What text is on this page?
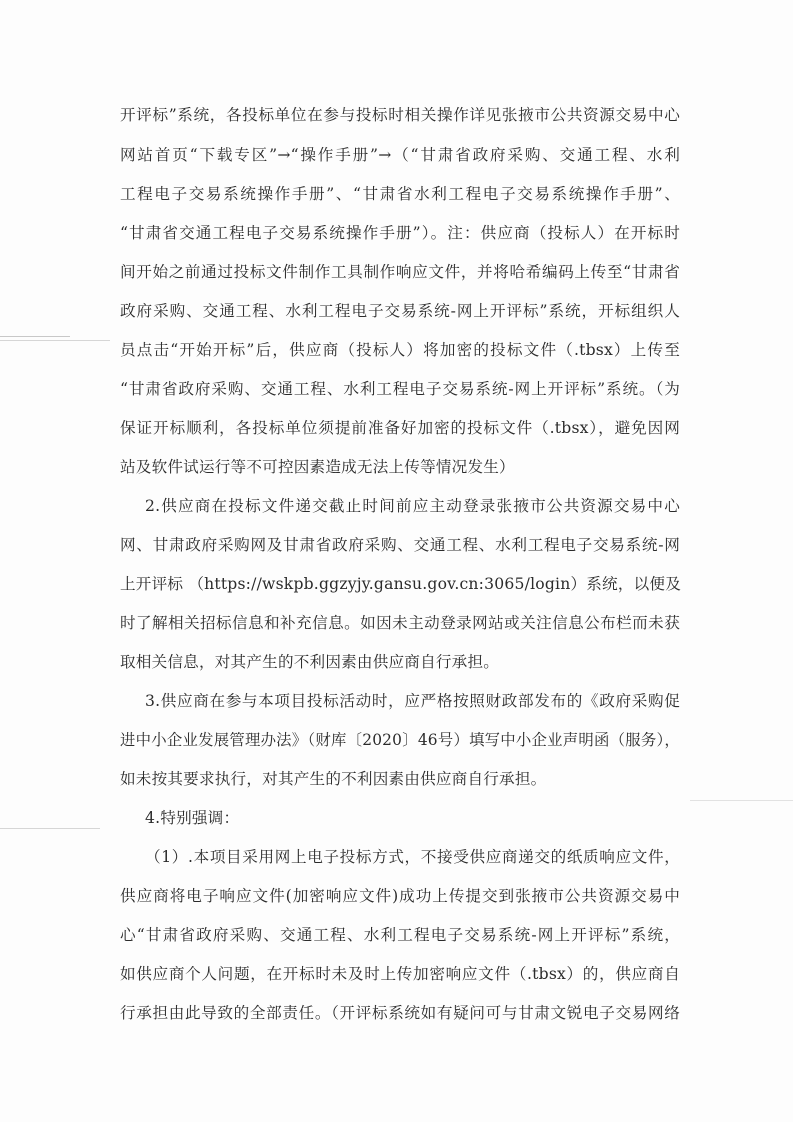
开评标”系统，各投标单位在参与投标时相关操作详见张掖市公共资源交易中心
网站首页“下载专区”→“操作手册”→（“甘肃省政府采购、交通工程、水利
工程电子交易系统操作手册”、“甘肃省水利工程电子交易系统操作手册”、
“甘肃省交通工程电子交易系统操作手册”）。注：供应商（投标人）在开标时
间开始之前通过投标文件制作工具制作响应文件，并将哈希编码上传至“甘肃省
政府采购、交通工程、水利工程电子交易系统-网上开评标”系统，开标组织人
员点击“开始开标”后，供应商（投标人）将加密的投标文件（.tbsx）上传至
“甘肃省政府采购、交通工程、水利工程电子交易系统-网上开评标”系统。（为
保证开标顺利，各投标单位须提前准备好加密的投标文件（.tbsx），避免因网
站及软件试运行等不可控因素造成无法上传等情况发生）
2.供应商在投标文件递交截止时间前应主动登录张掖市公共资源交易中心
网、甘肃政府采购网及甘肃省政府采购、交通工程、水利工程电子交易系统-网
上开评标 （https://wskpb.ggzyjy.gansu.gov.cn:3065/login）系统，以便及
时了解相关招标信息和补充信息。如因未主动登录网站或关注信息公布栏而未获
取相关信息，对其产生的不利因素由供应商自行承担。
3.供应商在参与本项目投标活动时，应严格按照财政部发布的《政府采购促
进中小企业发展管理办法》（财库〔2020〕46号）填写中小企业声明函（服务），
如未按其要求执行，对其产生的不利因素由供应商自行承担。
4.特别强调：
（1）.本项目采用网上电子投标方式，不接受供应商递交的纸质响应文件，
供应商将电子响应文件(加密响应文件)成功上传提交到张掖市公共资源交易中
心“甘肃省政府采购、交通工程、水利工程电子交易系统-网上开评标”系统，
如供应商个人问题，在开标时未及时上传加密响应文件（.tbsx）的，供应商自
行承担由此导致的全部责任。（开评标系统如有疑问可与甘肃文锐电子交易网络
